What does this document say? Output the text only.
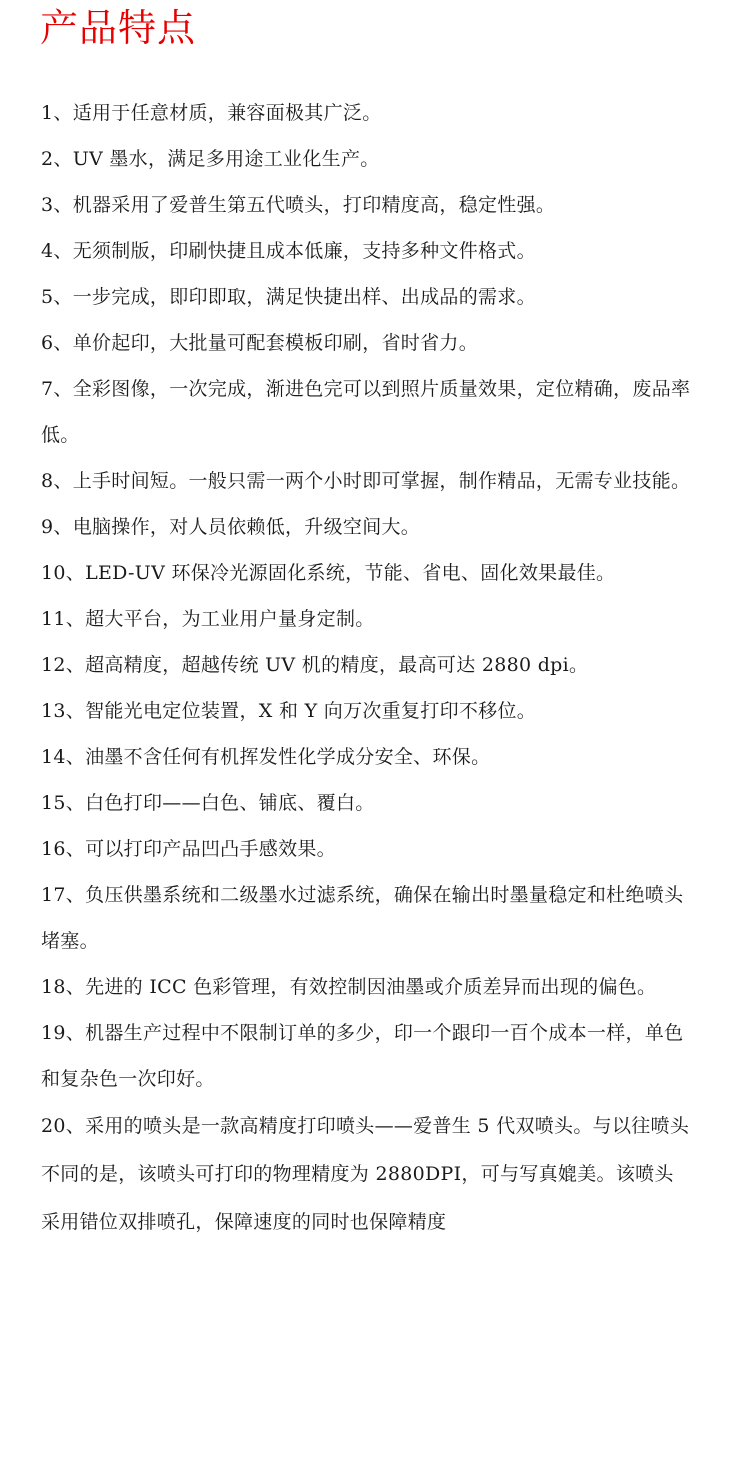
产品特点
1、适用于任意材质，兼容面极其广泛。
2、UV 墨水，满足多用途工业化生产。
3、机器采用了爱普生第五代喷头，打印精度高，稳定性强。
4、无须制版，印刷快捷且成本低廉，支持多种文件格式。
5、一步完成，即印即取，满足快捷出样、出成品的需求。
6、单价起印，大批量可配套模板印刷，省时省力。
7、全彩图像，一次完成，渐进色完可以到照片质量效果，定位精确，废品率低。
8、上手时间短。一般只需一两个小时即可掌握，制作精品，无需专业技能。
9、电脑操作，对人员依赖低，升级空间大。
10、LED-UV 环保冷光源固化系统，节能、省电、固化效果最佳。
11、超大平台，为工业用户量身定制。
12、超高精度，超越传统 UV 机的精度，最高可达 2880 dpi。
13、智能光电定位装置，X 和 Y 向万次重复打印不移位。
14、油墨不含任何有机挥发性化学成分安全、环保。
15、白色打印——白色、铺底、覆白。
16、可以打印产品凹凸手感效果。
17、负压供墨系统和二级墨水过滤系统，确保在输出时墨量稳定和杜绝喷头堵塞。
18、先进的 ICC 色彩管理，有效控制因油墨或介质差异而出现的偏色。
19、机器生产过程中不限制订单的多少，印一个跟印一百个成本一样，单色和复杂色一次印好。
20、采用的喷头是一款高精度打印喷头——爱普生 5 代双喷头。与以往喷头不同的是，该喷头可打印的物理精度为 2880DPI，可与写真媲美。该喷头采用错位双排喷孔，保障速度的同时也保障精度
